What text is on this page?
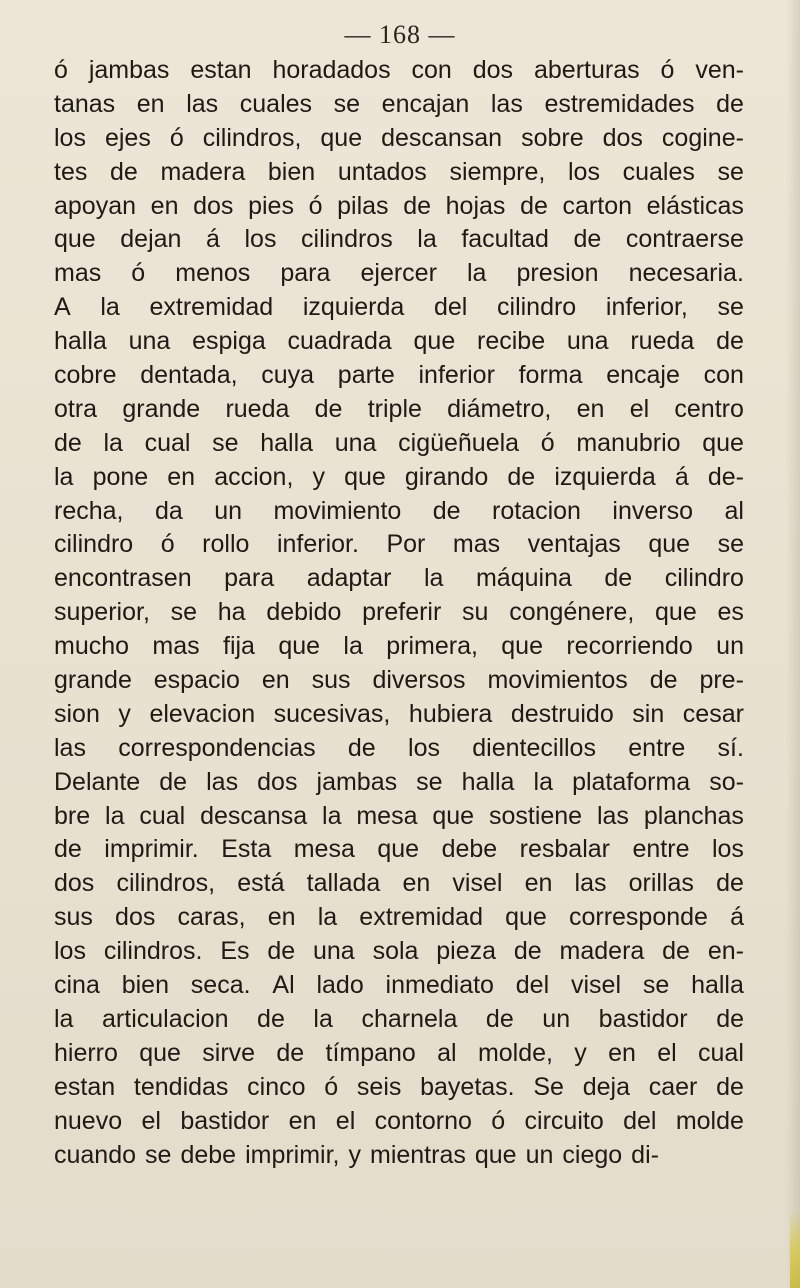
— 168 —
ó jambas estan horadados con dos aberturas ó ven-
tanas en las cuales se encajan las estremidades de
los ejes ó cilindros, que descansan sobre dos cogine-
tes de madera bien untados siempre, los cuales se
apoyan en dos pies ó pilas de hojas de carton elásticas
que dejan á los cilindros la facultad de contraerse
mas ó menos para ejercer la presion necesaria.
A la extremidad izquierda del cilindro inferior, se
halla una espiga cuadrada que recibe una rueda de
cobre dentada, cuya parte inferior forma encaje con
otra grande rueda de triple diámetro, en el centro
de la cual se halla una cigüeñuela ó manubrio que
la pone en accion, y que girando de izquierda á de-
recha, da un movimiento de rotacion inverso al
cilindro ó rollo inferior. Por mas ventajas que se
encontrasen para adaptar la máquina de cilindro
superior, se ha debido preferir su congénere, que es
mucho mas fija que la primera, que recorriendo un
grande espacio en sus diversos movimientos de pre-
sion y elevacion sucesivas, hubiera destruido sin cesar
las correspondencias de los dientecillos entre sí.
Delante de las dos jambas se halla la plataforma so-
bre la cual descansa la mesa que sostiene las planchas
de imprimir. Esta mesa que debe resbalar entre los
dos cilindros, está tallada en visel en las orillas de
sus dos caras, en la extremidad que corresponde á
los cilindros. Es de una sola pieza de madera de en-
cina bien seca. Al lado inmediato del visel se halla
la articulacion de la charnela de un bastidor de
hierro que sirve de tímpano al molde, y en el cual
estan tendidas cinco ó seis bayetas. Se deja caer de
nuevo el bastidor en el contorno ó circuito del molde
cuando se debe imprimir, y mientras que un ciego di-
